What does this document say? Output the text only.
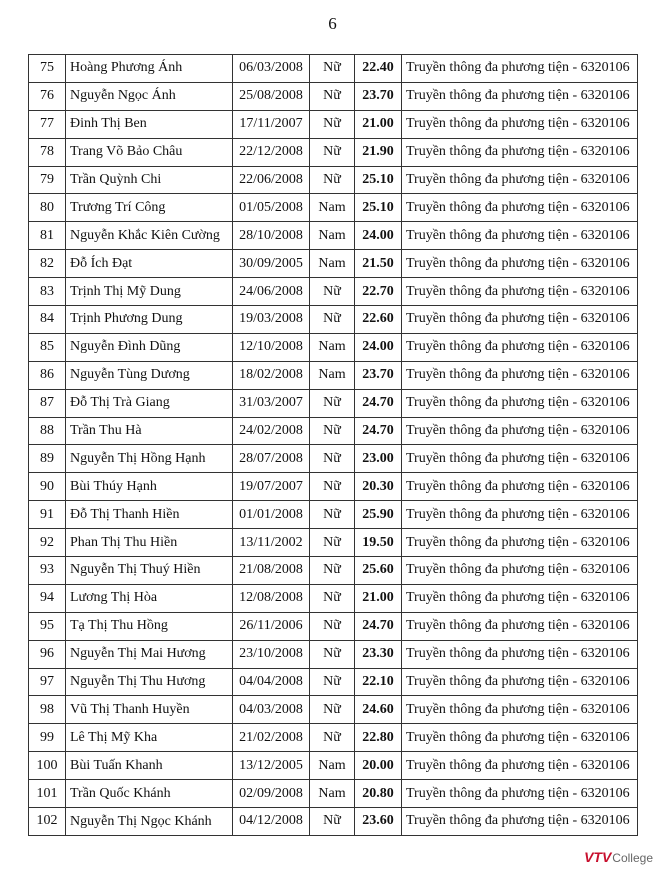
6
75	Hoàng Phương Ánh	06/03/2008	Nữ	22.40	Truyền thông đa phương tiện - 6320106
76	Nguyễn Ngọc Ánh	25/08/2008	Nữ	23.70	Truyền thông đa phương tiện - 6320106
77	Đinh Thị Ben	17/11/2007	Nữ	21.00	Truyền thông đa phương tiện - 6320106
78	Trang Võ Bảo Châu	22/12/2008	Nữ	21.90	Truyền thông đa phương tiện - 6320106
79	Trần Quỳnh Chi	22/06/2008	Nữ	25.10	Truyền thông đa phương tiện - 6320106
80	Trương Trí Công	01/05/2008	Nam	25.10	Truyền thông đa phương tiện - 6320106
81	Nguyễn Khắc Kiên Cường	28/10/2008	Nam	24.00	Truyền thông đa phương tiện - 6320106
82	Đỗ Ích Đạt	30/09/2005	Nam	21.50	Truyền thông đa phương tiện - 6320106
83	Trịnh Thị Mỹ Dung	24/06/2008	Nữ	22.70	Truyền thông đa phương tiện - 6320106
84	Trịnh Phương Dung	19/03/2008	Nữ	22.60	Truyền thông đa phương tiện - 6320106
85	Nguyễn Đình Dũng	12/10/2008	Nam	24.00	Truyền thông đa phương tiện - 6320106
86	Nguyễn Tùng Dương	18/02/2008	Nam	23.70	Truyền thông đa phương tiện - 6320106
87	Đỗ Thị Trà Giang	31/03/2007	Nữ	24.70	Truyền thông đa phương tiện - 6320106
88	Trần Thu Hà	24/02/2008	Nữ	24.70	Truyền thông đa phương tiện - 6320106
89	Nguyễn Thị Hồng Hạnh	28/07/2008	Nữ	23.00	Truyền thông đa phương tiện - 6320106
90	Bùi Thúy Hạnh	19/07/2007	Nữ	20.30	Truyền thông đa phương tiện - 6320106
91	Đỗ Thị Thanh Hiền	01/01/2008	Nữ	25.90	Truyền thông đa phương tiện - 6320106
92	Phan Thị Thu Hiền	13/11/2002	Nữ	19.50	Truyền thông đa phương tiện - 6320106
93	Nguyễn Thị Thuý Hiền	21/08/2008	Nữ	25.60	Truyền thông đa phương tiện - 6320106
94	Lương Thị Hòa	12/08/2008	Nữ	21.00	Truyền thông đa phương tiện - 6320106
95	Tạ Thị Thu Hồng	26/11/2006	Nữ	24.70	Truyền thông đa phương tiện - 6320106
96	Nguyễn Thị Mai Hương	23/10/2008	Nữ	23.30	Truyền thông đa phương tiện - 6320106
97	Nguyễn Thị Thu Hương	04/04/2008	Nữ	22.10	Truyền thông đa phương tiện - 6320106
98	Vũ Thị Thanh Huyền	04/03/2008	Nữ	24.60	Truyền thông đa phương tiện - 6320106
99	Lê Thị Mỹ Kha	21/02/2008	Nữ	22.80	Truyền thông đa phương tiện - 6320106
100	Bùi Tuấn Khanh	13/12/2005	Nam	20.00	Truyền thông đa phương tiện - 6320106
101	Trần Quốc Khánh	02/09/2008	Nam	20.80	Truyền thông đa phương tiện - 6320106
102	Nguyễn Thị Ngọc Khánh	04/12/2008	Nữ	23.60	Truyền thông đa phương tiện - 6320106
VTV College
